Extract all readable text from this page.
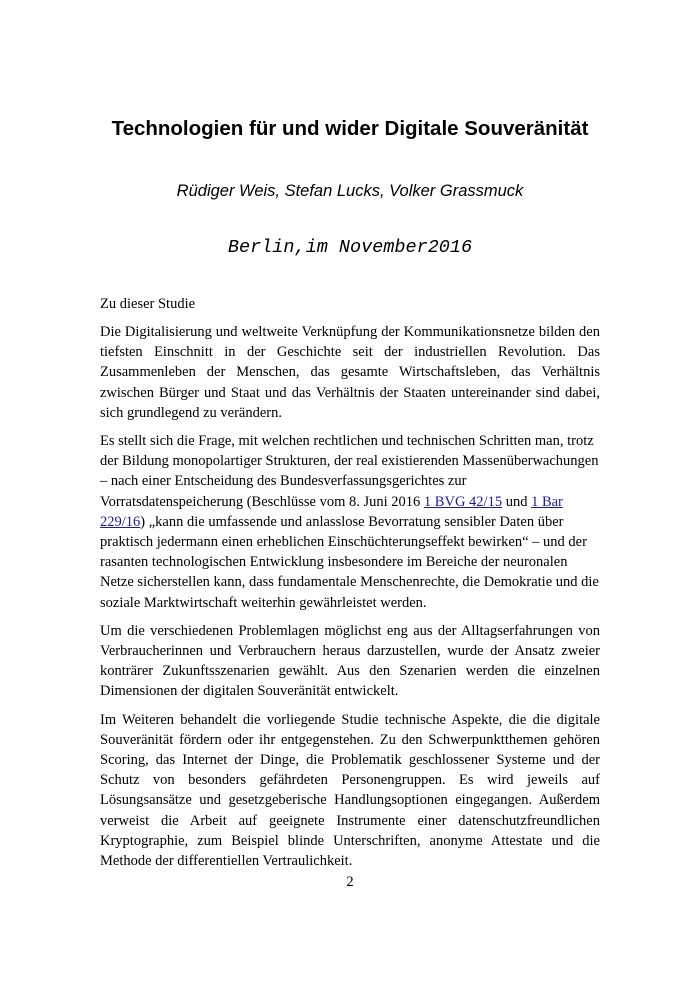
Technologien für und wider Digitale Souveränität
Rüdiger Weis, Stefan Lucks, Volker Grassmuck
Berlin,im November2016
Zu dieser Studie

Die Digitalisierung und weltweite Verknüpfung der Kommunikationsnetze bilden den tiefsten Einschnitt in der Geschichte seit der industriellen Revolution. Das Zusammenleben der Menschen, das gesamte Wirtschaftsleben, das Verhältnis zwischen Bürger und Staat und das Verhältnis der Staaten untereinander sind dabei, sich grundlegend zu verändern.

Es stellt sich die Frage, mit welchen rechtlichen und technischen Schritten man, trotz der Bildung monopolartiger Strukturen, der real existierenden Massenüberwachungen – nach einer Entscheidung des Bundesverfassungsgerichtes zur Vorratsdatenspeicherung (Beschlüsse vom 8. Juni 2016 1 BVG 42/15 und 1 Bar 229/16) „kann die umfassende und anlasslose Bevorratung sensibler Daten über praktisch jedermann einen erheblichen Einschüchterungseffekt bewirken“ – und der rasanten technologischen Entwicklung insbesondere im Bereiche der neuronalen Netze sicherstellen kann, dass fundamentale Menschenrechte, die Demokratie und die soziale Marktwirtschaft weiterhin gewährleistet werden.

Um die verschiedenen Problemlagen möglichst eng aus der Alltagserfahrungen von Verbraucherinnen und Verbrauchern heraus darzustellen, wurde der Ansatz zweier konträrer Zukunftsszenarien gewählt. Aus den Szenarien werden die einzelnen Dimensionen der digitalen Souveränität entwickelt.

Im Weiteren behandelt die vorliegende Studie technische Aspekte, die die digitale Souveränität fördern oder ihr entgegenstehen. Zu den Schwerpunktthemen gehören Scoring, das Internet der Dinge, die Problematik geschlossener Systeme und der Schutz von besonders gefährdeten Personengruppen. Es wird jeweils auf Lösungsansätze und gesetzgeberische Handlungsoptionen eingegangen. Außerdem verweist die Arbeit auf geeignete Instrumente einer datenschutzfreundlichen Kryptographie, zum Beispiel blinde Unterschriften, anonyme Attestate und die Methode der differentiellen Vertraulichkeit.

2
